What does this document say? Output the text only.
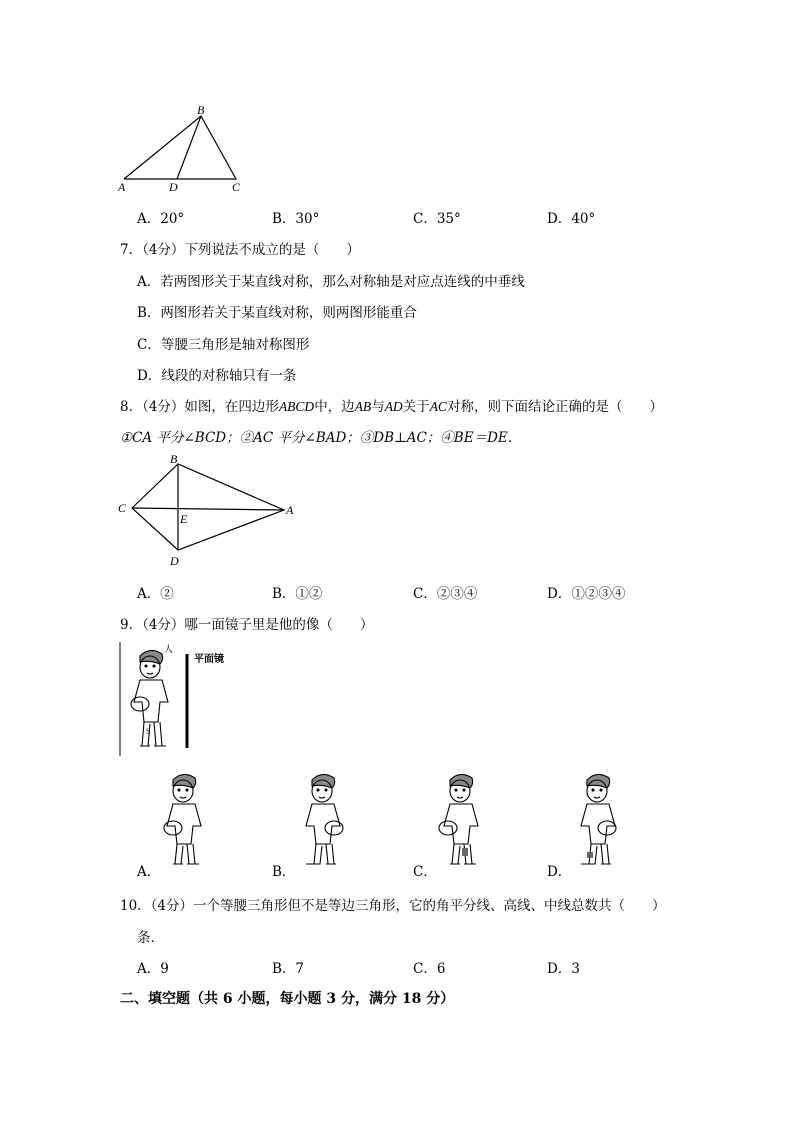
B
A	D	C
A．20°	B．30°	C．35°	D．40°
7．（4分）下列说法不成立的是（　　）
A．若两图形关于某直线对称，那么对称轴是对应点连线的中垂线
B．两图形若关于某直线对称，则两图形能重合
C．等腰三角形是轴对称图形
D．线段的对称轴只有一条
8．（4分）如图，在四边形ABCD中，边AB与AD关于AC对称，则下面结论正确的是（　　）
①CA 平分∠BCD；②AC 平分∠BAD；③DB⊥AC；④BE＝DE．
B
C	A
E
D
A．②	B．①②	C．②③④	D．①②③④
9．（4分）哪一面镜子里是他的像（　　）
平面镜
人
S
A．	B．	C．	D．
10．（4分）一个等腰三角形但不是等边三角形，它的角平分线、高线、中线总数共（　　）
条．
A．9	B．7	C．6	D．3
二、填空题（共 6 小题，每小题 3 分，满分 18 分）
